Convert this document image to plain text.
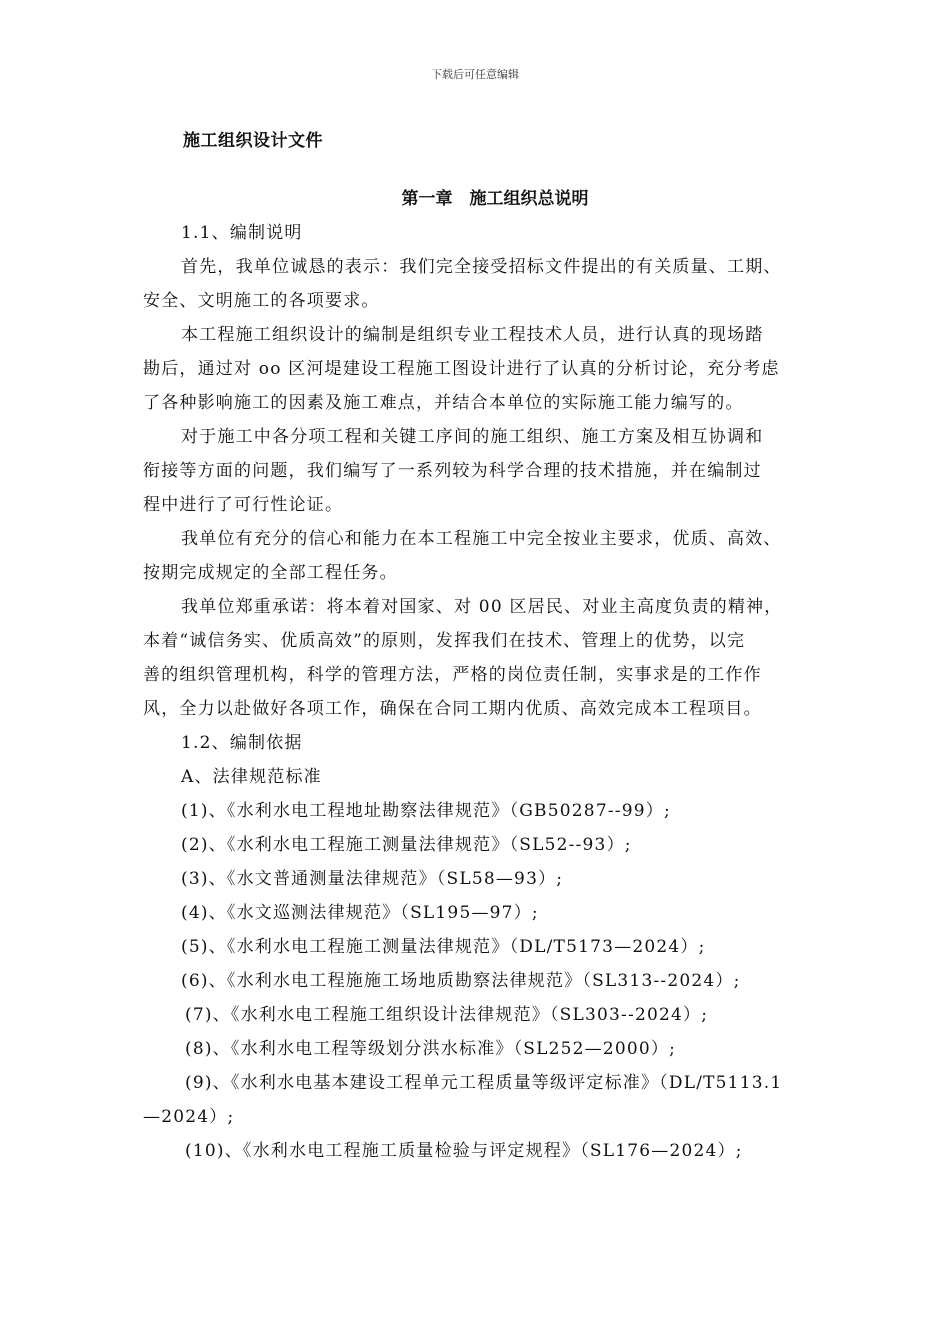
下载后可任意编辑
施工组织设计文件
第一章　施工组织总说明
1.1、编制说明
首先，我单位诚恳的表示：我们完全接受招标文件提出的有关质量、工期、
安全、文明施工的各项要求。
本工程施工组织设计的编制是组织专业工程技术人员，进行认真的现场踏
勘后，通过对 oo 区河堤建设工程施工图设计进行了认真的分析讨论，充分考虑
了各种影响施工的因素及施工难点，并结合本单位的实际施工能力编写的。
对于施工中各分项工程和关键工序间的施工组织、施工方案及相互协调和
衔接等方面的问题，我们编写了一系列较为科学合理的技术措施，并在编制过
程中进行了可行性论证。
我单位有充分的信心和能力在本工程施工中完全按业主要求，优质、高效、
按期完成规定的全部工程任务。
我单位郑重承诺：将本着对国家、对 00 区居民、对业主高度负责的精神，
本着“诚信务实、优质高效”的原则，发挥我们在技术、管理上的优势，以完
善的组织管理机构，科学的管理方法，严格的岗位责任制，实事求是的工作作
风，全力以赴做好各项工作，确保在合同工期内优质、高效完成本工程项目。
1.2、编制依据
A、法律规范标准
(1)、《水利水电工程地址勘察法律规范》（GB50287--99）;
(2)、《水利水电工程施工测量法律规范》（SL52--93）;
(3)、《水文普通测量法律规范》（SL58—93）;
(4)、《水文巡测法律规范》（SL195—97）;
(5)、《水利水电工程施工测量法律规范》（DL/T5173—2024）;
(6)、《水利水电工程施施工场地质勘察法律规范》（SL313--2024）;
(7)、《水利水电工程施工组织设计法律规范》（SL303--2024）;
(8)、《水利水电工程等级划分洪水标准》（SL252—2000）;
(9)、《水利水电基本建设工程单元工程质量等级评定标准》（DL/T5113.1
—2024）;
(10)、《水利水电工程施工质量检验与评定规程》（SL176—2024）;
